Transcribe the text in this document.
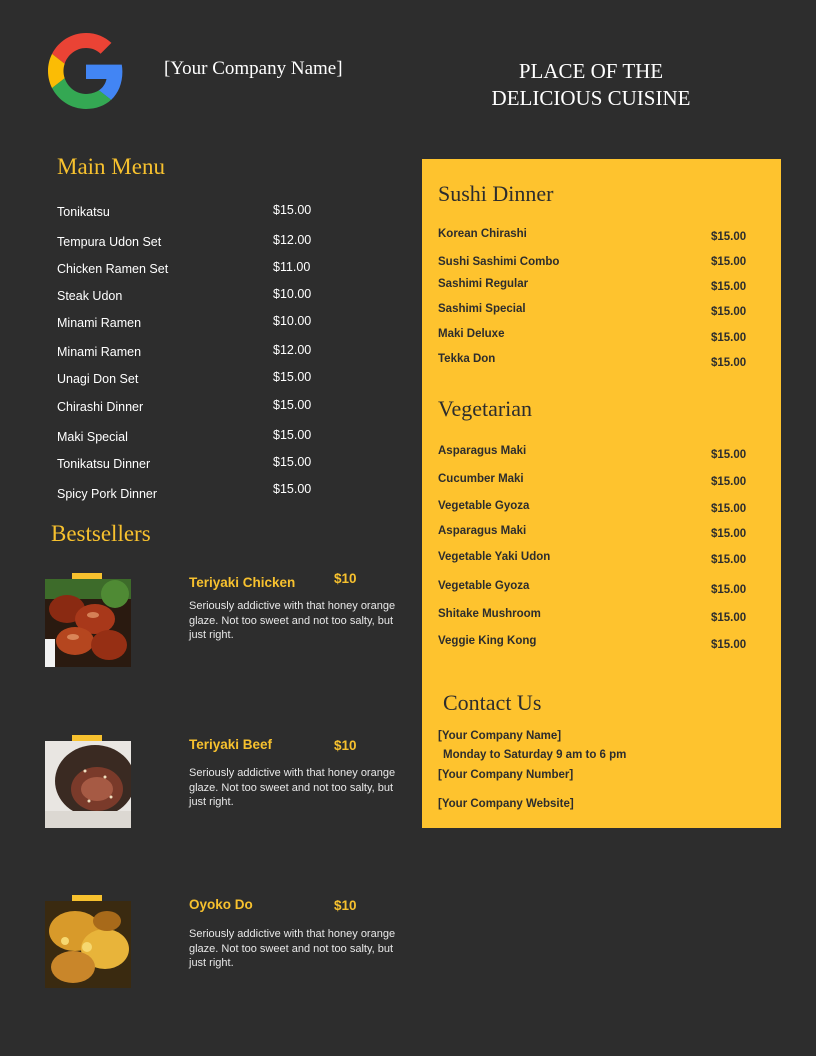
[Your Company Name]	PLACE OF THE
DELICIOUS CUISINE
Main Menu
Tonikatsu	$15.00
Tempura Udon Set	$12.00
Chicken Ramen Set	$11.00
Steak Udon	$10.00
Minami Ramen	$10.00
Minami Ramen	$12.00
Unagi Don Set	$15.00
Chirashi Dinner	$15.00
Maki Special	$15.00
Tonikatsu Dinner	$15.00
Spicy Pork Dinner	$15.00
Bestsellers
Teriyaki Chicken	$10
Seriously addictive with that honey orange glaze. Not too sweet and not too salty, but just right.
Teriyaki Beef	$10
Seriously addictive with that honey orange glaze. Not too sweet and not too salty, but just right.
Oyoko Do	$10
Seriously addictive with that honey orange glaze. Not too sweet and not too salty, but just right.
Sushi Dinner
Korean Chirashi	$15.00
Sushi Sashimi Combo	$15.00
Sashimi Regular	$15.00
Sashimi Special	$15.00
Maki Deluxe	$15.00
Tekka Don	$15.00
Vegetarian
Asparagus Maki	$15.00
Cucumber Maki	$15.00
Vegetable Gyoza	$15.00
Asparagus Maki	$15.00
Vegetable Yaki Udon	$15.00
Vegetable Gyoza	$15.00
Shitake Mushroom	$15.00
Veggie King Kong	$15.00
Contact Us
[Your Company Name]
Monday to Saturday 9 am to 6 pm
[Your Company Number]
[Your Company Website]
